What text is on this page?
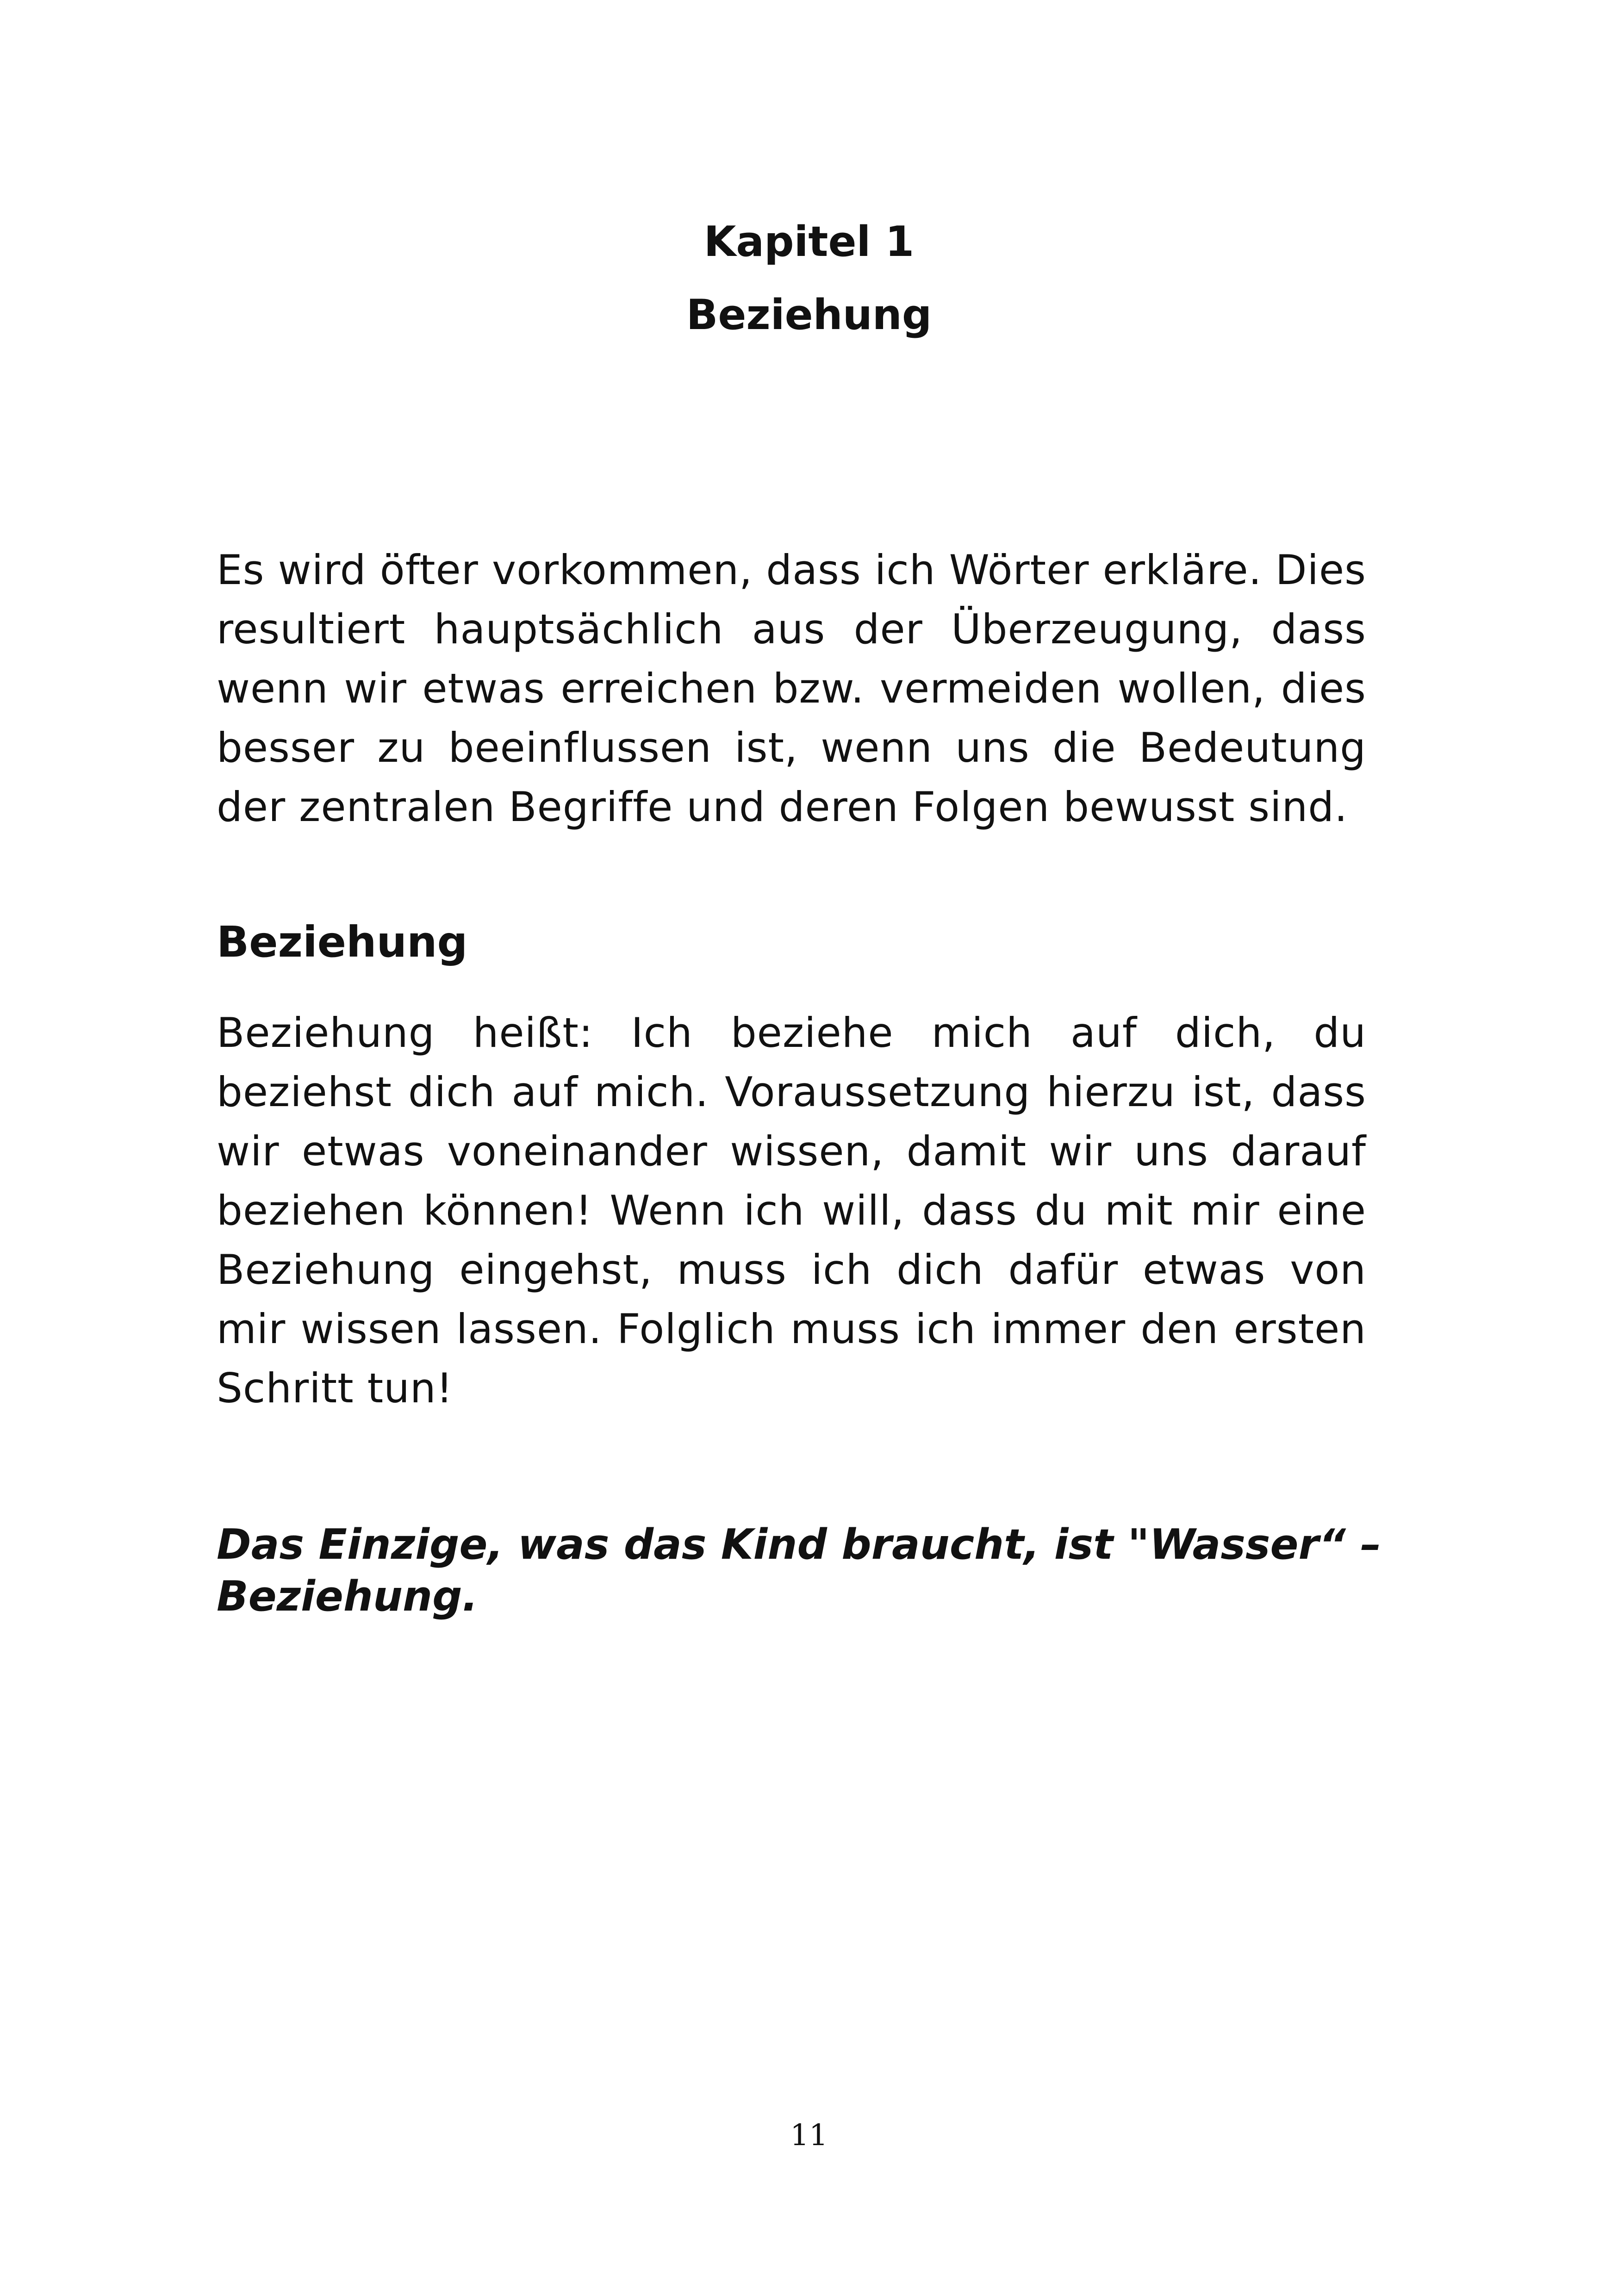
Kapitel 1
Beziehung

Es wird öfter vorkommen, dass ich Wörter erkläre. Dies resultiert hauptsächlich aus der Überzeugung, dass wenn wir etwas erreichen bzw. vermeiden wollen, dies besser zu beeinflussen ist, wenn uns die Bedeutung der zentralen Begriffe und deren Folgen bewusst sind.

Beziehung

Beziehung heißt: Ich beziehe mich auf dich, du beziehst dich auf mich. Voraussetzung hierzu ist, dass wir etwas voneinander wissen, damit wir uns darauf beziehen können! Wenn ich will, dass du mit mir eine Beziehung eingehst, muss ich dich dafür etwas von mir wissen lassen. Folglich muss ich immer den ersten Schritt tun!

Das Einzige, was das Kind braucht, ist "Wasser“ – Beziehung.

11
